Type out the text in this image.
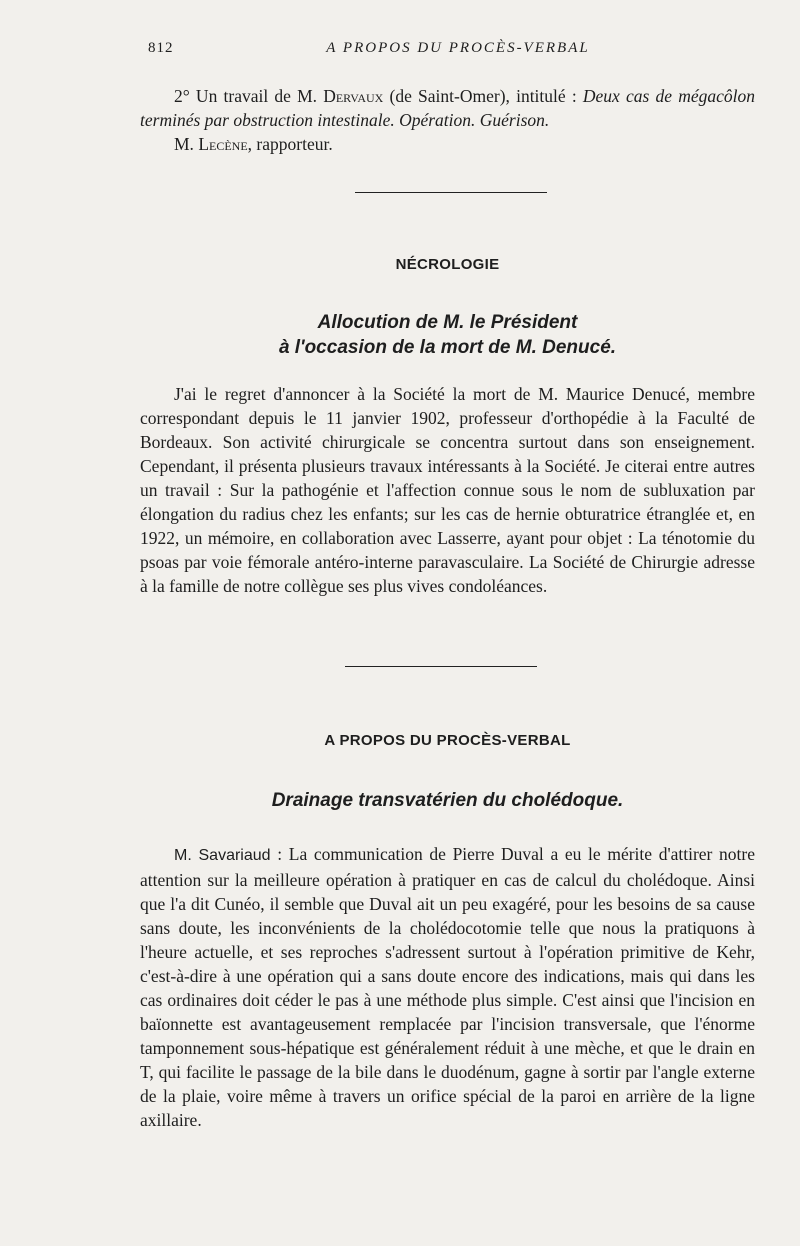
812	A PROPOS DU PROCÈS-VERBAL

2° Un travail de M. Dervaux (de Saint-Omer), intitulé : Deux cas de mégacôlon terminés par obstruction intestinale. Opération. Guérison.

M. Lecène, rapporteur.

NÉCROLOGIE
Allocution de M. le Président
à l'occasion de la mort de M. Denucé.

J'ai le regret d'annoncer à la Société la mort de M. Maurice Denucé, membre correspondant depuis le 11 janvier 1902, professeur d'orthopédie à la Faculté de Bordeaux. Son activité chirurgicale se concentra surtout dans son enseignement. Cependant, il présenta plusieurs travaux intéressants à la Société. Je citerai entre autres un travail : Sur la pathogénie et l'affection connue sous le nom de subluxation par élongation du radius chez les enfants; sur les cas de hernie obturatrice étranglée et, en 1922, un mémoire, en collaboration avec Lasserre, ayant pour objet : La ténotomie du psoas par voie fémorale antéro-interne paravasculaire. La Société de Chirurgie adresse à la famille de notre collègue ses plus vives condoléances.

A PROPOS DU PROCÈS-VERBAL
Drainage transvatérien du cholédoque.

M. Savariaud : La communication de Pierre Duval a eu le mérite d'attirer notre attention sur la meilleure opération à pratiquer en cas de calcul du cholédoque. Ainsi que l'a dit Cunéo, il semble que Duval ait un peu exagéré, pour les besoins de sa cause sans doute, les inconvénients de la cholédocotomie telle que nous la pratiquons à l'heure actuelle, et ses reproches s'adressent surtout à l'opération primitive de Kehr, c'est-à-dire à une opération qui a sans doute encore des indications, mais qui dans les cas ordinaires doit céder le pas à une méthode plus simple. C'est ainsi que l'incision en baïonnette est avantageusement remplacée par l'incision transversale, que l'énorme tamponnement sous-hépatique est généralement réduit à une mèche, et que le drain en T, qui facilite le passage de la bile dans le duodénum, gagne à sortir par l'angle externe de la plaie, voire même à travers un orifice spécial de la paroi en arrière de la ligne axillaire.
